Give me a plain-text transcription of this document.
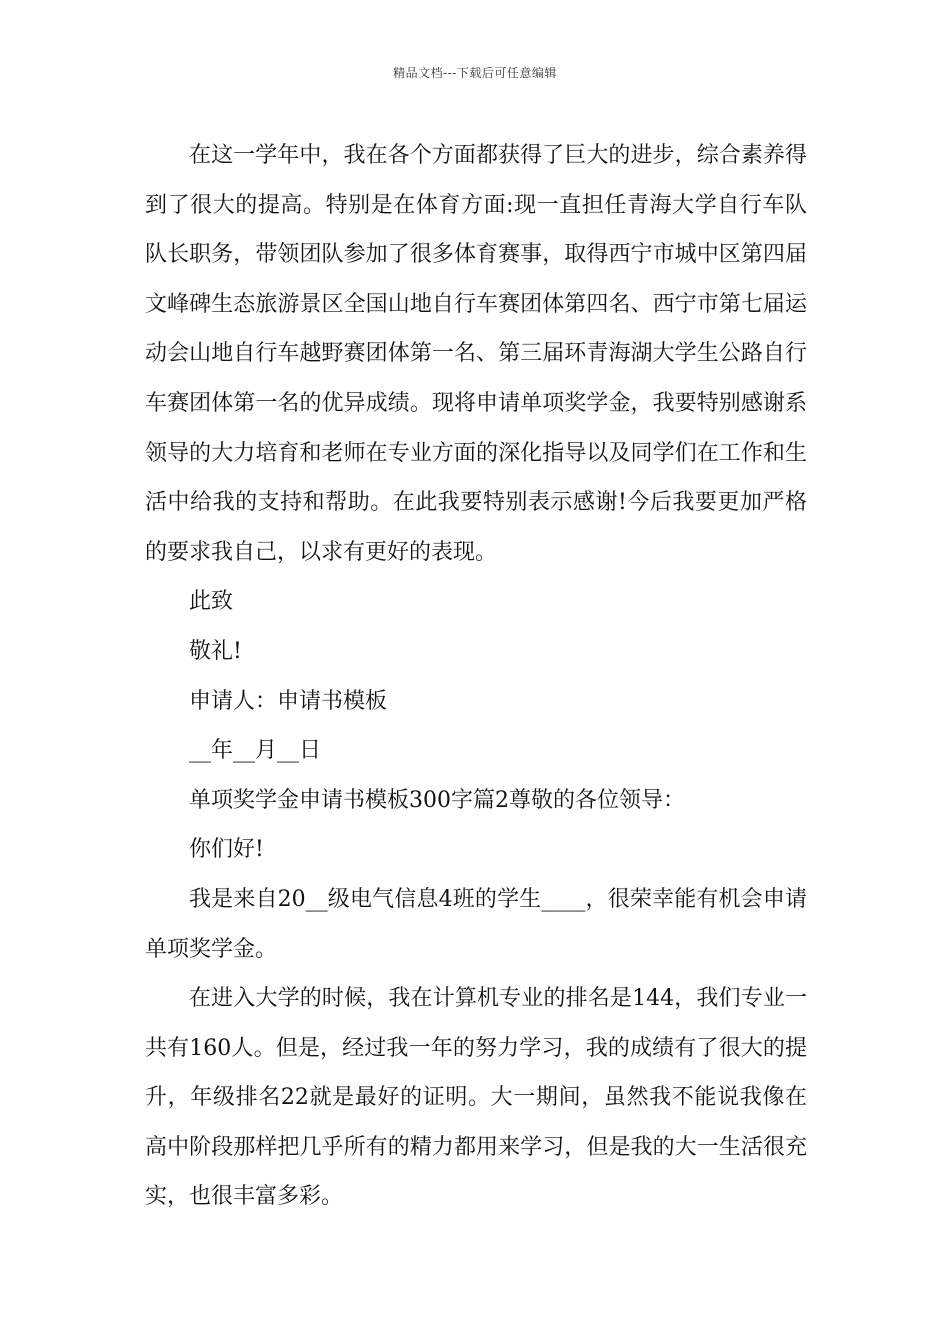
精品文档---下载后可任意编辑

在这一学年中，我在各个方面都获得了巨大的进步，综合素养得到了很大的提高。特别是在体育方面:现一直担任青海大学自行车队队长职务，带领团队参加了很多体育赛事，取得西宁市城中区第四届文峰碑生态旅游景区全国山地自行车赛团体第四名、西宁市第七届运动会山地自行车越野赛团体第一名、第三届环青海湖大学生公路自行车赛团体第一名的优异成绩。现将申请单项奖学金，我要特别感谢系领导的大力培育和老师在专业方面的深化指导以及同学们在工作和生活中给我的支持和帮助。在此我要特别表示感谢!今后我要更加严格的要求我自己，以求有更好的表现。

此致

敬礼!

申请人：申请书模板

__年__月__日

单项奖学金申请书模板300字篇2尊敬的各位领导：

你们好!

我是来自20__级电气信息4班的学生____，很荣幸能有机会申请单项奖学金。

在进入大学的时候，我在计算机专业的排名是144，我们专业一共有160人。但是，经过我一年的努力学习，我的成绩有了很大的提升，年级排名22就是最好的证明。大一期间，虽然我不能说我像在高中阶段那样把几乎所有的精力都用来学习，但是我的大一生活很充实，也很丰富多彩。
